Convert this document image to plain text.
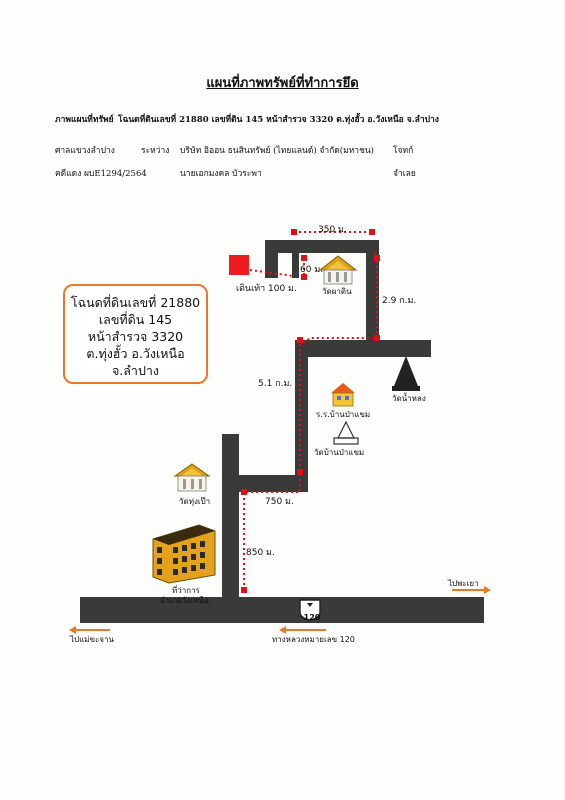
แผนที่ภาพทรัพย์ที่ทำการยึด
ภาพแผนที่ทรัพย์ โฉนดที่ดินเลขที่ 21880 เลขที่ดิน 145 หน้าสำรวจ 3320 ต.ทุ่งฮั้ว อ.วังเหนือ จ.ลำปาง
ศาลแขวงลำปาง	ระหว่าง บริษัท อิออน ธนสินทรัพย์ (ไทยแลนด์) จำกัด(มหาชน) โจทก์
คดีแดง ผบE1294/2564	นายเอกมงคล บัวระพา	จำเลย
โฉนดที่ดินเลขที่ 21880
เลขที่ดิน 145
หน้าสำรวจ 3320
ต.ทุ่งฮั้ว อ.วังเหนือ
จ.ลำปาง
350 ม.
60 ม.
เดินเท้า 100 ม.
2.9 ก.ม.
5.1 ก.ม.
750 ม.
850 ม.
วัดผาดิน
วัดน้ำหลง
ร.ร.บ้านป่าแขม
วัดบ้านป่าแขม
วัดทุ่งเป๊า
ที่ว่าการ
อำเภอวังเหนือ
120
ไปพะเยา
ไปแม่ขะจาน	ทางหลวงหมายเลข 120
